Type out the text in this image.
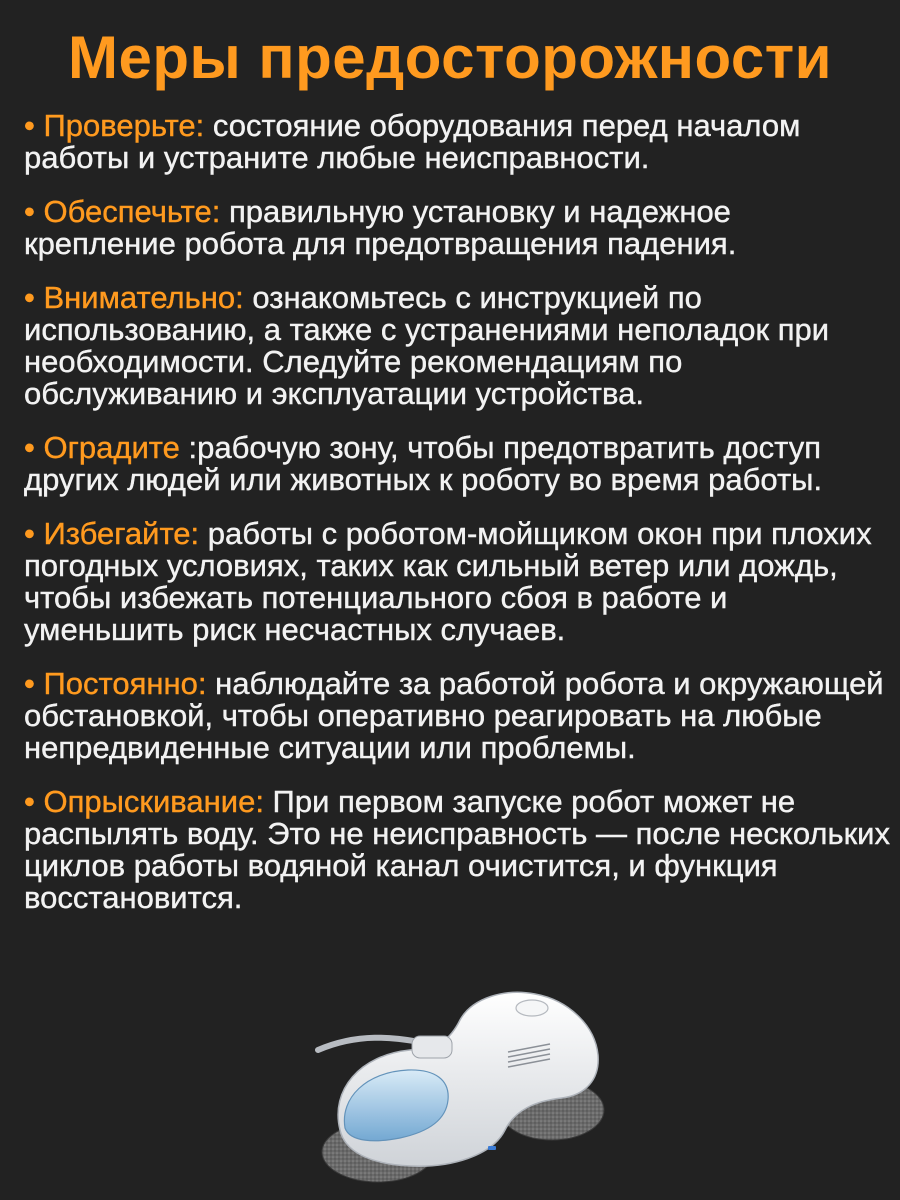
Меры предосторожности

• Проверьте: состояние оборудования перед началом работы и устраните любые неисправности.

• Обеспечьте: правильную установку и надежное крепление робота для предотвращения падения.

• Внимательно: ознакомьтесь с инструкцией по использованию, а также с устранениями неполадок при необходимости. Следуйте рекомендациям по обслуживанию и эксплуатации устройства.

• Оградите :рабочую зону, чтобы предотвратить доступ других людей или животных к роботу во время работы.

• Избегайте: работы с роботом-мойщиком окон при плохих погодных условиях, таких как сильный ветер или дождь, чтобы избежать потенциального сбоя в работе и уменьшить риск несчастных случаев.

• Постоянно: наблюдайте за работой робота и окружающей обстановкой, чтобы оперативно реагировать на любые непредвиденные ситуации или проблемы.

• Опрыскивание: При первом запуске робот может не распылять воду. Это не неисправность — после нескольких циклов работы водяной канал очистится, и функция восстановится.
